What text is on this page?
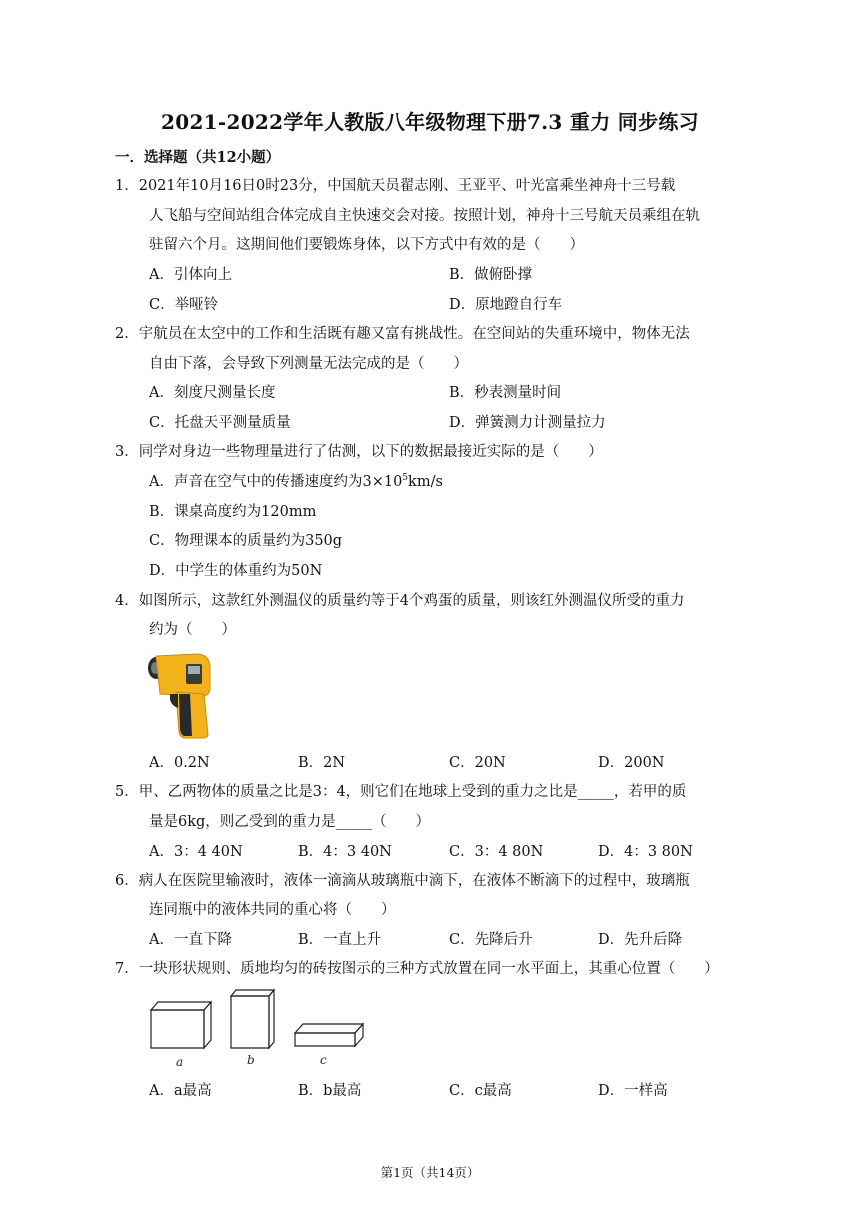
2021-2022学年人教版八年级物理下册7.3 重力 同步练习
一．选择题（共12小题）
1．2021年10月16日0时23分，中国航天员翟志刚、王亚平、叶光富乘坐神舟十三号载
人飞船与空间站组合体完成自主快速交会对接。按照计划，神舟十三号航天员乘组在轨
驻留六个月。这期间他们要锻炼身体，以下方式中有效的是（　　）
A．引体向上	B．做俯卧撑
C．举哑铃	D．原地蹬自行车
2．宇航员在太空中的工作和生活既有趣又富有挑战性。在空间站的失重环境中，物体无法
自由下落，会导致下列测量无法完成的是（　　）
A．刻度尺测量长度	B．秒表测量时间
C．托盘天平测量质量	D．弹簧测力计测量拉力
3．同学对身边一些物理量进行了估测，以下的数据最接近实际的是（　　）
A．声音在空气中的传播速度约为$3\times 10^5km/s$
B．课桌高度约为120mm
C．物理课本的质量约为350g
D．中学生的体重约为50N
4．如图所示，这款红外测温仪的质量约等于4个鸡蛋的质量，则该红外测温仪所受的重力
约为（　　）
A．0.2N	B．2N	C．20N	D．200N
5．甲、乙两物体的质量之比是3：4，则它们在地球上受到的重力之比是_____，若甲的质
量是6kg，则乙受到的重力是_____（　　）
A．3：4 40N	B．4：3 40N	C．3：4 80N	D．4：3 80N
6．病人在医院里输液时，液体一滴滴从玻璃瓶中滴下，在液体不断滴下的过程中，玻璃瓶
连同瓶中的液体共同的重心将（　　）
A．一直下降	B．一直上升	C．先降后升	D．先升后降
7．一块形状规则、质地均匀的砖按图示的三种方式放置在同一水平面上，其重心位置（　　）
a	b	c
A．a最高	B．b最高	C．c最高	D．一样高
第1页（共14页）
